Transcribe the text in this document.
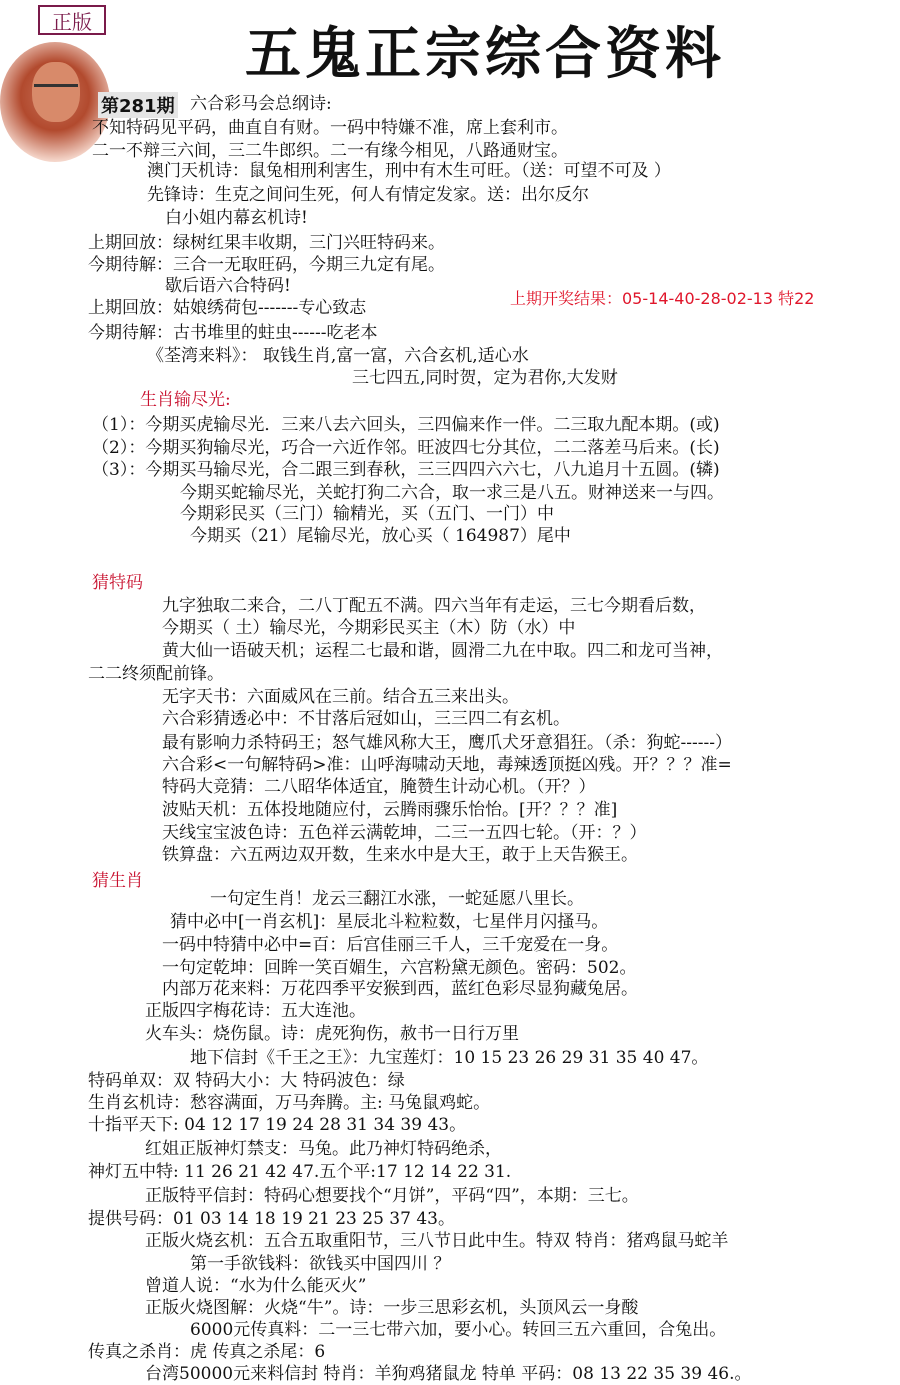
正版	五鬼正宗综合资料
第281期
上期开奖结果：05-14-40-28-02-13 特22
六合彩马会总纲诗:
不知特码见平码，曲直自有财。一码中特嫌不准，席上套利市。
二一不辩三六间，三二牛郎织。二一有缘今相见，八路通财宝。
澳门天机诗：鼠兔相刑利害生，刑中有木生可旺。（送：可望不可及 ）
先锋诗：生克之间问生死，何人有情定发家。送：出尔反尔
白小姐内幕玄机诗!
上期回放：绿树红果丰收期，三门兴旺特码来。
今期待解：三合一无取旺码，今期三九定有尾。
歇后语六合特码!
上期回放：姑娘绣荷包-------专心致志
今期待解：古书堆里的蛀虫------吃老本
《荃湾来料》： 取钱生肖,富一富，六合玄机,适心水
三七四五,同时贺，定为君你,大发财
（1）：今期买虎输尽光．三来八去六回头，三四偏来作一伴。二三取九配本期。(或)
（2）：今期买狗输尽光，巧合一六近作邻。旺波四七分其位，二二落差马后来。(长)
（3）：今期买马输尽光，合二跟三到春秋，三三四四六六七，八九追月十五圆。(辚)
今期买蛇输尽光，关蛇打狗二六合，取一求三是八五。财神送来一与四。
今期彩民买（三门）输精光，买（五门、一门）中
今期买（21）尾输尽光，放心买（ 164987）尾中
九字独取二来合，二八丁配五不满。四六当年有走运，三七今期看后数，
今期买（ 土）输尽光，今期彩民买主（木）防（水）中
黄大仙一语破天机；运程二七最和谐，圆滑二九在中取。四二和龙可当神，
二二终须配前锋。
无字天书：六面威风在三前。结合五三来出头。
六合彩猜透必中：不甘落后冠如山，三三四二有玄机。
最有影响力杀特码王；怒气雄风称大王，鹰爪犬牙意猖狂。（杀：狗蛇------）
六合彩<一句解特码>准：山呼海啸动天地，毒辣透顶挺凶残。开？？？准=
特码大竞猜：二八昭华体适宜，腌赞生计动心机。（开？）
波贴天机：五体投地随应付，云腾雨骤乐怡怡。[开？？？准]
天线宝宝波色诗：五色祥云满乾坤，二三一五四七轮。（开：？）
铁算盘：六五两边双开数，生来水中是大王，敢于上天告猴王。
一句定生肖！龙云三翻江水涨，一蛇延愿八里长。
猜中必中[一肖玄机]：星辰北斗粒粒数，七星伴月闪搔马。
一码中特猜中必中=百：后宫佳丽三千人，三千宠爱在一身。
一句定乾坤：回眸一笑百媚生，六宫粉黛无颜色。密码：502。
内部万花来料：万花四季平安猴到西，蓝红色彩尽显狗藏兔居。
正版四字梅花诗：五大连池。
火车头：烧伤鼠。诗：虎死狗伤，赦书一日行万里
地下信封《千王之王》：九宝莲灯：10 15 23 26 29 31 35 40 47。
特码单双：双 特码大小：大 特码波色：绿
生肖玄机诗：愁容满面，万马奔腾。主: 马兔鼠鸡蛇。
十指平天下: 04 12 17 19 24 28 31 34 39 43。
红姐正版神灯禁支：马兔。此乃神灯特码绝杀，
神灯五中特: 11 26 21 42 47.五个平:17 12 14 22 31.
正版特平信封：特码心想要找个“月饼”，平码“四”，本期：三七。
提供号码：01 03 14 18 19 21 23 25 37 43。
正版火烧玄机：五合五取重阳节，三八节日此中生。特双 特肖：猪鸡鼠马蛇羊
第一手欲钱料：欲钱买中国四川 ？
曾道人说：“水为什么能灭火”
正版火烧图解：火烧“牛”。诗：一步三思彩玄机，头顶风云一身酸
6000元传真料：二一三七带六加，要小心。转回三五六重回，合兔出。
传真之杀肖：虎 传真之杀尾：6
台湾50000元来料信封 特肖：羊狗鸡猪鼠龙 特单 平码：08 13 22 35 39 46.。
生肖输尽光:
猜特码
猜生肖
